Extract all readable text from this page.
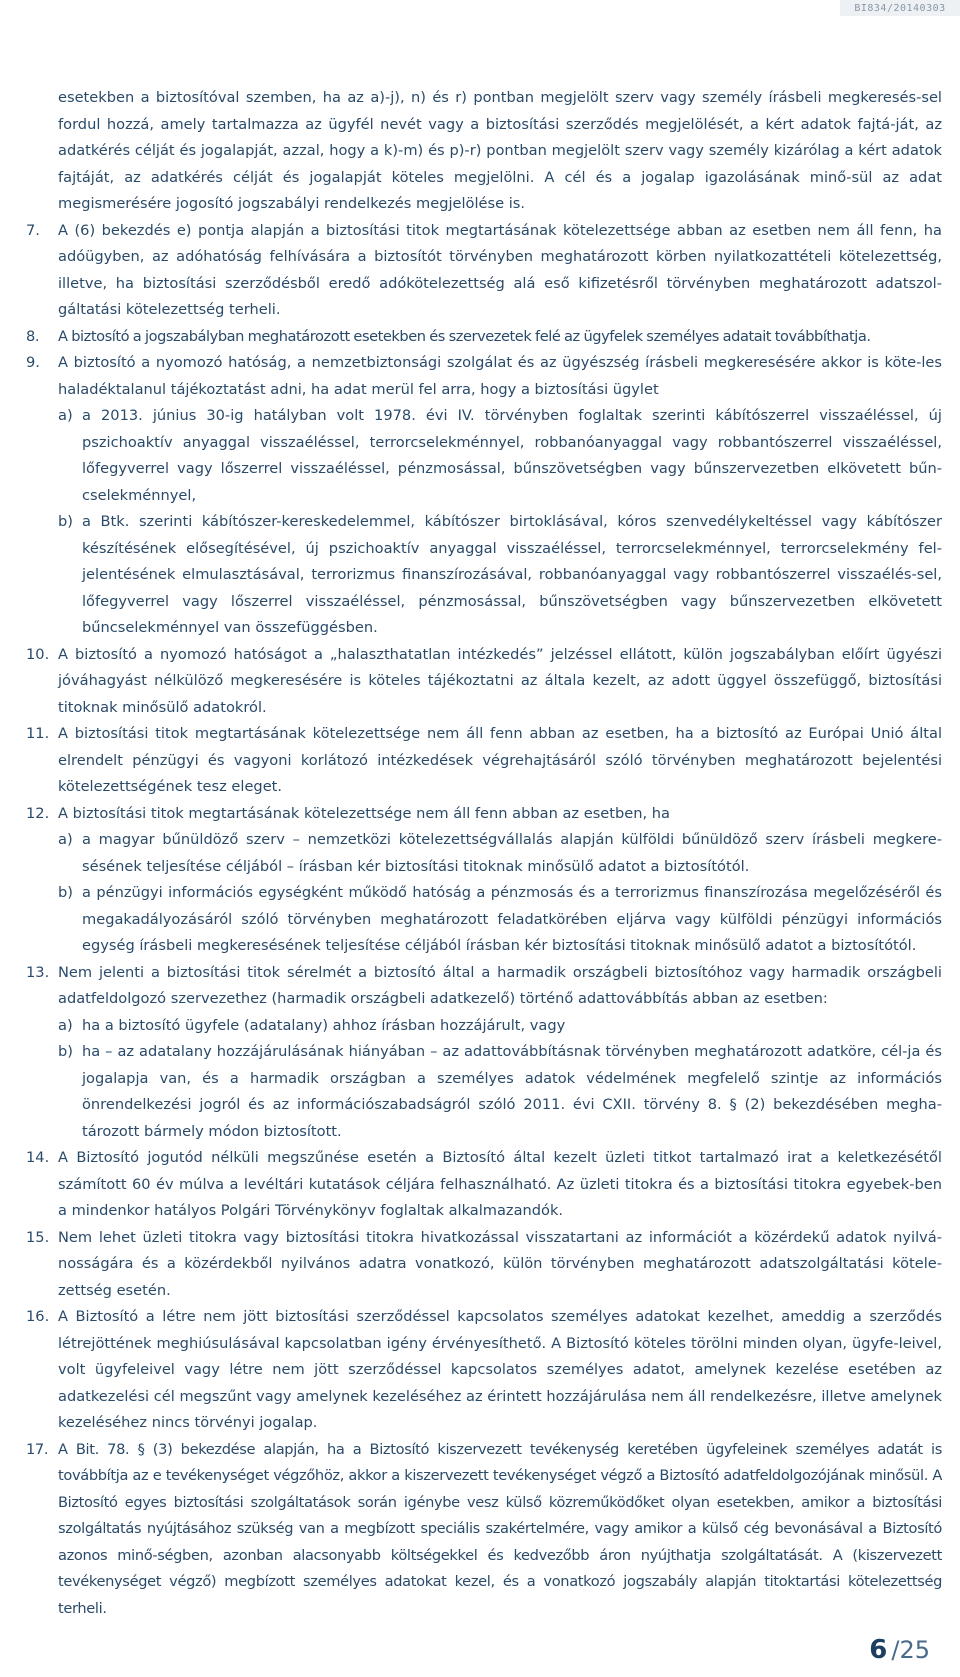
BI834/20140303
esetekben a biztosítóval szemben, ha az a)-j), n) és r) pontban megjelölt szerv vagy személy írásbeli megkeresés-sel fordul hozzá, amely tartalmazza az ügyfél nevét vagy a biztosítási szerződés megjelölését, a kért adatok fajtá-ját, az adatkérés célját és jogalapját, azzal, hogy a k)-m) és p)-r) pontban megjelölt szerv vagy személy kizárólag a kért adatok fajtáját, az adatkérés célját és jogalapját köteles megjelölni. A cél és a jogalap igazolásának minő-sül az adat megismerésére jogosító jogszabályi rendelkezés megjelölése is.
7. A (6) bekezdés e) pontja alapján a biztosítási titok megtartásának kötelezettsége abban az esetben nem áll fenn, ha adóügyben, az adóhatóság felhívására a biztosítót törvényben meghatározott körben nyilatkozattételi kötelezettség, illetve, ha biztosítási szerződésből eredő adókötelezettség alá eső kifizetésről törvényben meghatározott adatszol-gáltatási kötelezettség terheli.
8. A biztosító a jogszabályban meghatározott esetekben és szervezetek felé az ügyfelek személyes adatait továbbíthatja.
9. A biztosító a nyomozó hatóság, a nemzetbiztonsági szolgálat és az ügyészség írásbeli megkeresésére akkor is köte-les haladéktalanul tájékoztatást adni, ha adat merül fel arra, hogy a biztosítási ügylet
a) a 2013. június 30-ig hatályban volt 1978. évi IV. törvényben foglaltak szerinti kábítószerrel visszaéléssel, új pszichoaktív anyaggal visszaéléssel, terrorcselekménnyel, robbanóanyaggal vagy robbantószerrel visszaéléssel, lőfegyverrel vagy lőszerrel visszaéléssel, pénzmosással, bűnszövetségben vagy bűnszervezetben elkövetett bűn-cselekménnyel,
b) a Btk. szerinti kábítószer-kereskedelemmel, kábítószer birtoklásával, kóros szenvedélykeltéssel vagy kábítószer készítésének elősegítésével, új pszichoaktív anyaggal visszaéléssel, terrorcselekménnyel, terrorcselekmény fel-jelentésének elmulasztásával, terrorizmus finanszírozásával, robbanóanyaggal vagy robbantószerrel visszaélés-sel, lőfegyverrel vagy lőszerrel visszaéléssel, pénzmosással, bűnszövetségben vagy bűnszervezetben elkövetett bűncselekménnyel van összefüggésben.
10. A biztosító a nyomozó hatóságot a „halaszthatatlan intézkedés” jelzéssel ellátott, külön jogszabályban előírt ügyészi jóváhagyást nélkülöző megkeresésére is köteles tájékoztatni az általa kezelt, az adott üggyel összefüggő, biztosítási titoknak minősülő adatokról.
11. A biztosítási titok megtartásának kötelezettsége nem áll fenn abban az esetben, ha a biztosító az Európai Unió által elrendelt pénzügyi és vagyoni korlátozó intézkedések végrehajtásáról szóló törvényben meghatározott bejelentési kötelezettségének tesz eleget.
12. A biztosítási titok megtartásának kötelezettsége nem áll fenn abban az esetben, ha
a) a magyar bűnüldöző szerv – nemzetközi kötelezettségvállalás alapján külföldi bűnüldöző szerv írásbeli megkere-sésének teljesítése céljából – írásban kér biztosítási titoknak minősülő adatot a biztosítótól.
b) a pénzügyi információs egységként működő hatóság a pénzmosás és a terrorizmus finanszírozása megelőzéséről és megakadályozásáról szóló törvényben meghatározott feladatkörében eljárva vagy külföldi pénzügyi információs egység írásbeli megkeresésének teljesítése céljából írásban kér biztosítási titoknak minősülő adatot a biztosítótól.
13. Nem jelenti a biztosítási titok sérelmét a biztosító által a harmadik országbeli biztosítóhoz vagy harmadik országbeli adatfeldolgozó szervezethez (harmadik országbeli adatkezelő) történő adattovábbítás abban az esetben:
a) ha a biztosító ügyfele (adatalany) ahhoz írásban hozzájárult, vagy
b) ha – az adatalany hozzájárulásának hiányában – az adattovábbításnak törvényben meghatározott adatköre, cél-ja és jogalapja van, és a harmadik országban a személyes adatok védelmének megfelelő szintje az információs önrendelkezési jogról és az információszabadságról szóló 2011. évi CXII. törvény 8. § (2) bekezdésében megha-tározott bármely módon biztosított.
14. A Biztosító jogutód nélküli megszűnése esetén a Biztosító által kezelt üzleti titkot tartalmazó irat a keletkezésétől számított 60 év múlva a levéltári kutatások céljára felhasználható. Az üzleti titokra és a biztosítási titokra egyebek-ben a mindenkor hatályos Polgári Törvénykönyv foglaltak alkalmazandók.
15. Nem lehet üzleti titokra vagy biztosítási titokra hivatkozással visszatartani az információt a közérdekű adatok nyilvá-nosságára és a közérdekből nyilvános adatra vonatkozó, külön törvényben meghatározott adatszolgáltatási kötele-zettség esetén.
16. A Biztosító a létre nem jött biztosítási szerződéssel kapcsolatos személyes adatokat kezelhet, ameddig a szerződés létrejöttének meghiúsulásával kapcsolatban igény érvényesíthető. A Biztosító köteles törölni minden olyan, ügyfe-leivel, volt ügyfeleivel vagy létre nem jött szerződéssel kapcsolatos személyes adatot, amelynek kezelése esetében az adatkezelési cél megszűnt vagy amelynek kezeléséhez az érintett hozzájárulása nem áll rendelkezésre, illetve amelynek kezeléséhez nincs törvényi jogalap.
17. A Bit. 78. § (3) bekezdése alapján, ha a Biztosító kiszervezett tevékenység keretében ügyfeleinek személyes adatát is továbbítja az e tevékenységet végzőhöz, akkor a kiszervezett tevékenységet végző a Biztosító adatfeldolgozójának minősül. A Biztosító egyes biztosítási szolgáltatások során igénybe vesz külső közreműködőket olyan esetekben, amikor a biztosítási szolgáltatás nyújtásához szükség van a megbízott speciális szakértelmére, vagy amikor a külső cég bevonásával a Biztosító azonos minő-ségben, azonban alacsonyabb költségekkel és kedvezőbb áron nyújthatja szolgáltatását. A (kiszervezett tevékenységet végző) megbízott személyes adatokat kezel, és a vonatkozó jogszabály alapján titoktartási kötelezettség terheli.
6 / 25
